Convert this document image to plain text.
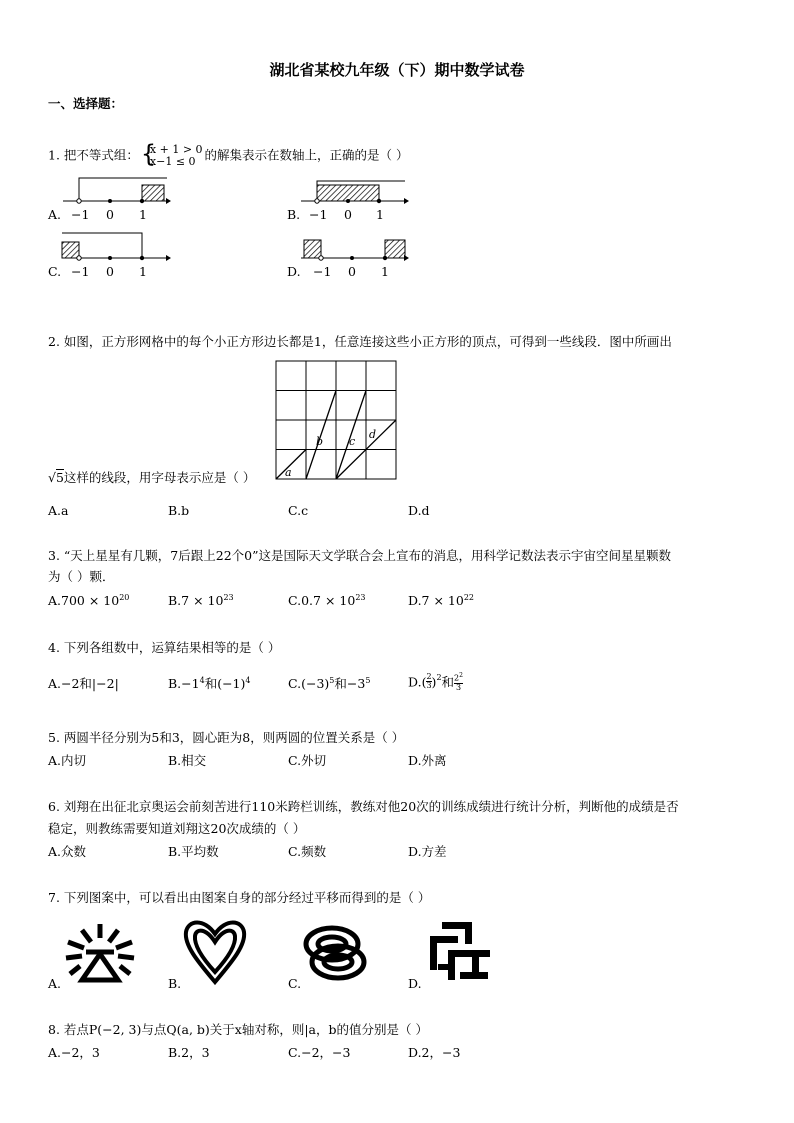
湖北省某校九年级（下）期中数学试卷
一、选择题：
1. 把不等式组：
{ x + 1 > 0
x−1 ≤ 0 的解集表示在数轴上，正确的是（ ）
A. −1 0 1	B. −1 0 1
C. −1 0 1	D. −1 0 1
2. 如图，正方形网格中的每个小正方形边长都是1，任意连接这些小正方形的顶点，可得到一些线段．图中所画出
a
b c
d
√5这样的线段，用字母表示应是（ ）
A.a	B.b	C.c	D.d
3. “天上星星有几颗，7后跟上22个0”这是国际天文学联合会上宣布的消息，用科学记数法表示宇宙空间星星颗数
为（ ）颗．
$A.700 \times 10^{20}$	$B.7 \times 10^{23}$	$C.0.7 \times 10^{23}$	$D.7 \times 10^{22}$
4. 下列各组数中，运算结果相等的是（ ）
A.−2和|−2|	$B.-1^4$和$(-1)^4$	$C.(-3)^5$和$-3^5$	$D.( \frac{2}{3} )^2$和 $\frac{2^2}{3}$
5. 两圆半径分别为5和3，圆心距为8，则两圆的位置关系是（ ）
A.内切	B.相交	C.外切	D.外离
6. 刘翔在出征北京奥运会前刻苦进行110米跨栏训练，教练对他20次的训练成绩进行统计分析，判断他的成绩是否
稳定，则教练需要知道刘翔这20次成绩的（ ）
A.众数	B.平均数	C.频数	D.方差
7. 下列图案中，可以看出由图案自身的部分经过平移而得到的是（ ）
A.	B.	C.	D.
8. 若点P(−2, 3)与点Q(a, b)关于x轴对称，则|a，b的值分别是（ ）
A.−2，3	B.2，3	C.−2，−3	D.2，−3
